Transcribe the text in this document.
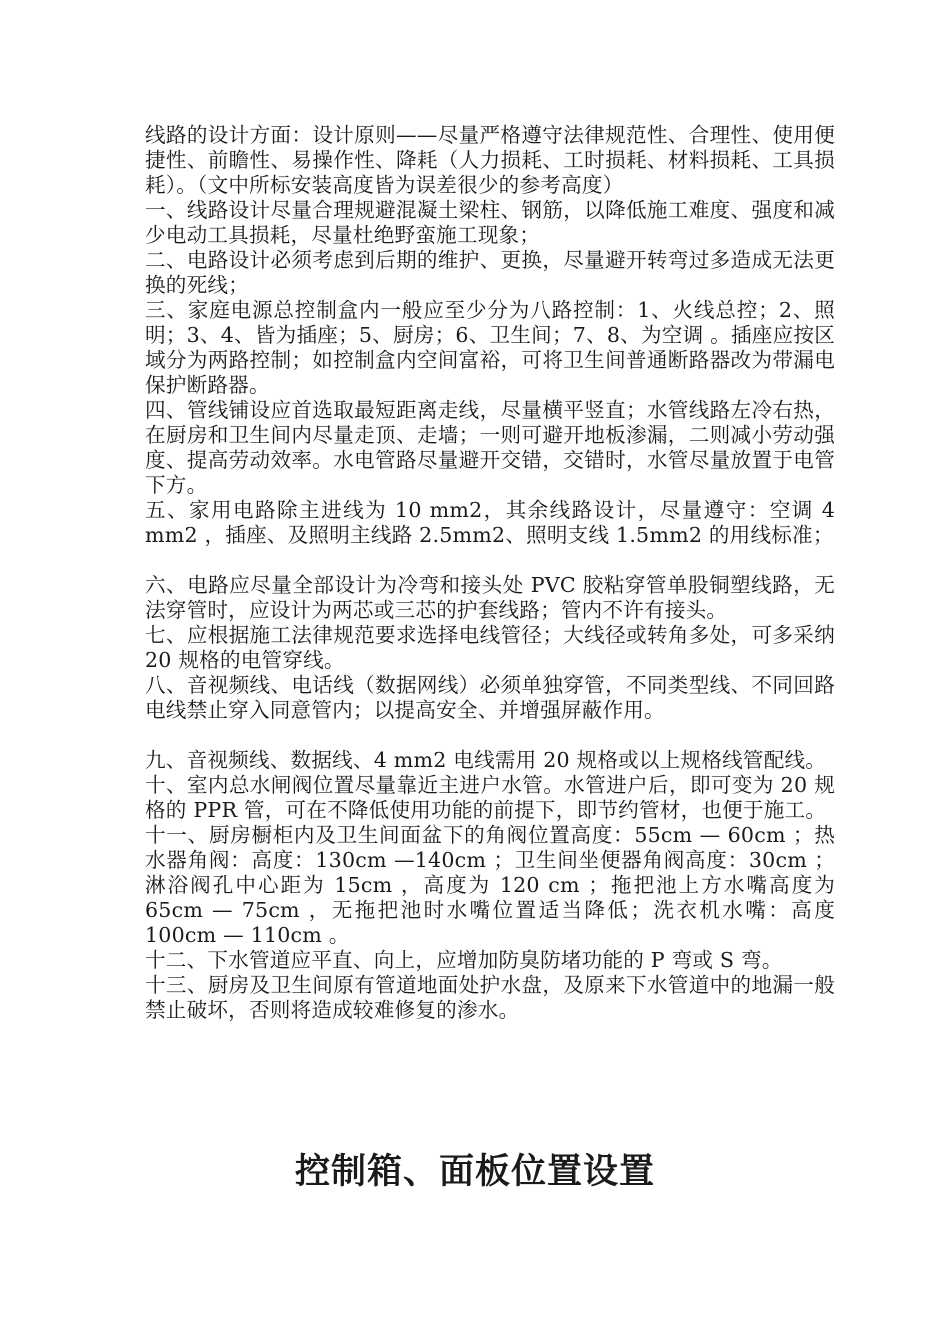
线路的设计方面：设计原则——尽量严格遵守法律规范性、合理性、使用便捷性、前瞻性、易操作性、降耗（人力损耗、工时损耗、材料损耗、工具损耗）。（文中所标安装高度皆为误差很少的参考高度）

一、线路设计尽量合理规避混凝土梁柱、钢筋，以降低施工难度、强度和减少电动工具损耗，尽量杜绝野蛮施工现象；

二、电路设计必须考虑到后期的维护、更换，尽量避开转弯过多造成无法更换的死线；

三、家庭电源总控制盒内一般应至少分为八路控制：1、火线总控；2、照明；3、4、皆为插座；5、厨房；6、卫生间；7、8、为空调 。插座应按区域分为两路控制；如控制盒内空间富裕，可将卫生间普通断路器改为带漏电保护断路器。

四、管线铺设应首选取最短距离走线，尽量横平竖直；水管线路左冷右热，在厨房和卫生间内尽量走顶、走墙；一则可避开地板渗漏，二则减小劳动强度、提高劳动效率。水电管路尽量避开交错，交错时，水管尽量放置于电管下方。

五、家用电路除主进线为 10 mm2，其余线路设计，尽量遵守：空调 4 mm2 ，插座、及照明主线路 2.5mm2、照明支线 1.5mm2 的用线标准；

六、电路应尽量全部设计为冷弯和接头处 PVC 胶粘穿管单股铜塑线路，无法穿管时，应设计为两芯或三芯的护套线路；管内不许有接头。

七、应根据施工法律规范要求选择电线管径；大线径或转角多处，可多采纳 20 规格的电管穿线。

八、音视频线、电话线（数据网线）必须单独穿管，不同类型线、不同回路电线禁止穿入同意管内；以提高安全、并增强屏蔽作用。

九、音视频线、数据线、4 mm2 电线需用 20 规格或以上规格线管配线。

十、室内总水闸阀位置尽量靠近主进户水管。水管进户后，即可变为 20 规格的 PPR 管，可在不降低使用功能的前提下，即节约管材，也便于施工。

十一、厨房橱柜内及卫生间面盆下的角阀位置高度：55cm — 60cm ；热水器角阀：高度：130cm —140cm ；卫生间坐便器角阀高度：30cm ；淋浴阀孔中心距为 15cm ，高度为 120 cm ；拖把池上方水嘴高度为 65cm — 75cm ，无拖把池时水嘴位置适当降低；洗衣机水嘴：高度 100cm — 110cm 。

十二、下水管道应平直、向上，应增加防臭防堵功能的 P 弯或 S 弯。

十三、厨房及卫生间原有管道地面处护水盘，及原来下水管道中的地漏一般禁止破坏，否则将造成较难修复的渗水。

控制箱、面板位置设置
